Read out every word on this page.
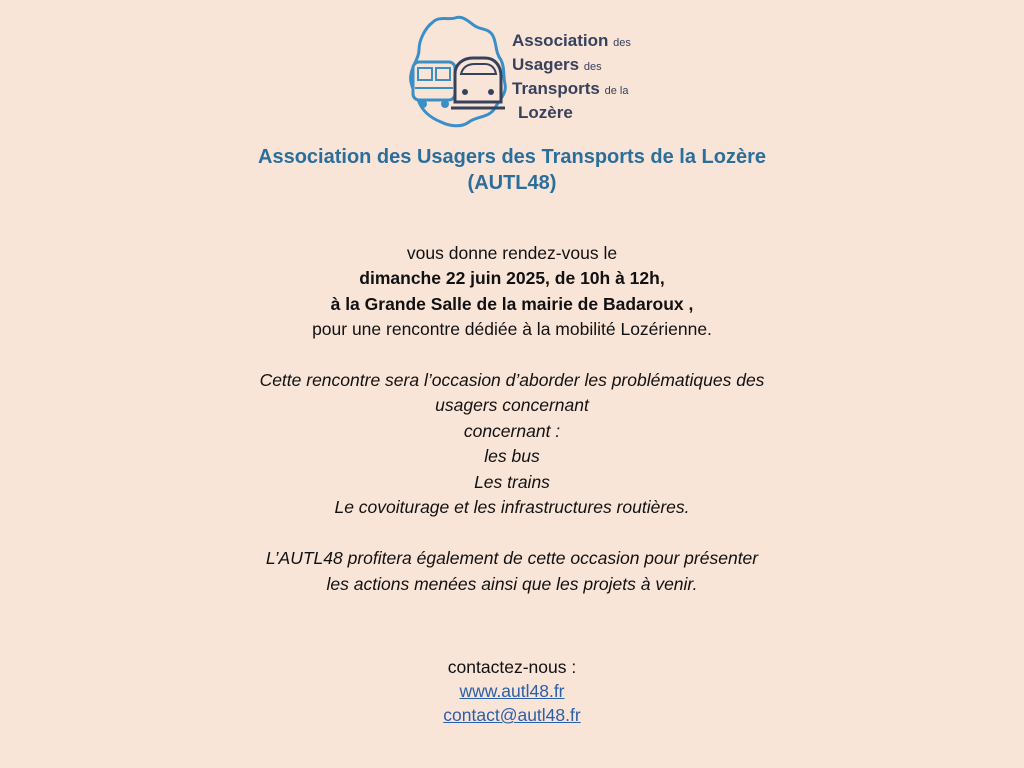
Association des
Usagers des
Transports de la
Lozère
Association des Usagers des Transports de la Lozère
(AUTL48)
vous donne rendez-vous le
dimanche 22 juin 2025, de 10h à 12h,
à la Grande Salle de la mairie de Badaroux ,
pour une rencontre dédiée à la mobilité Lozérienne.
Cette rencontre sera l’occasion d’aborder les problématiques des
usagers concernant
concernant :
les bus
Les trains
Le covoiturage et les infrastructures routières.
L’AUTL48 profitera également de cette occasion pour présenter
les actions menées ainsi que les projets à venir.
contactez-nous :
www.autl48.fr
contact@autl48.fr
